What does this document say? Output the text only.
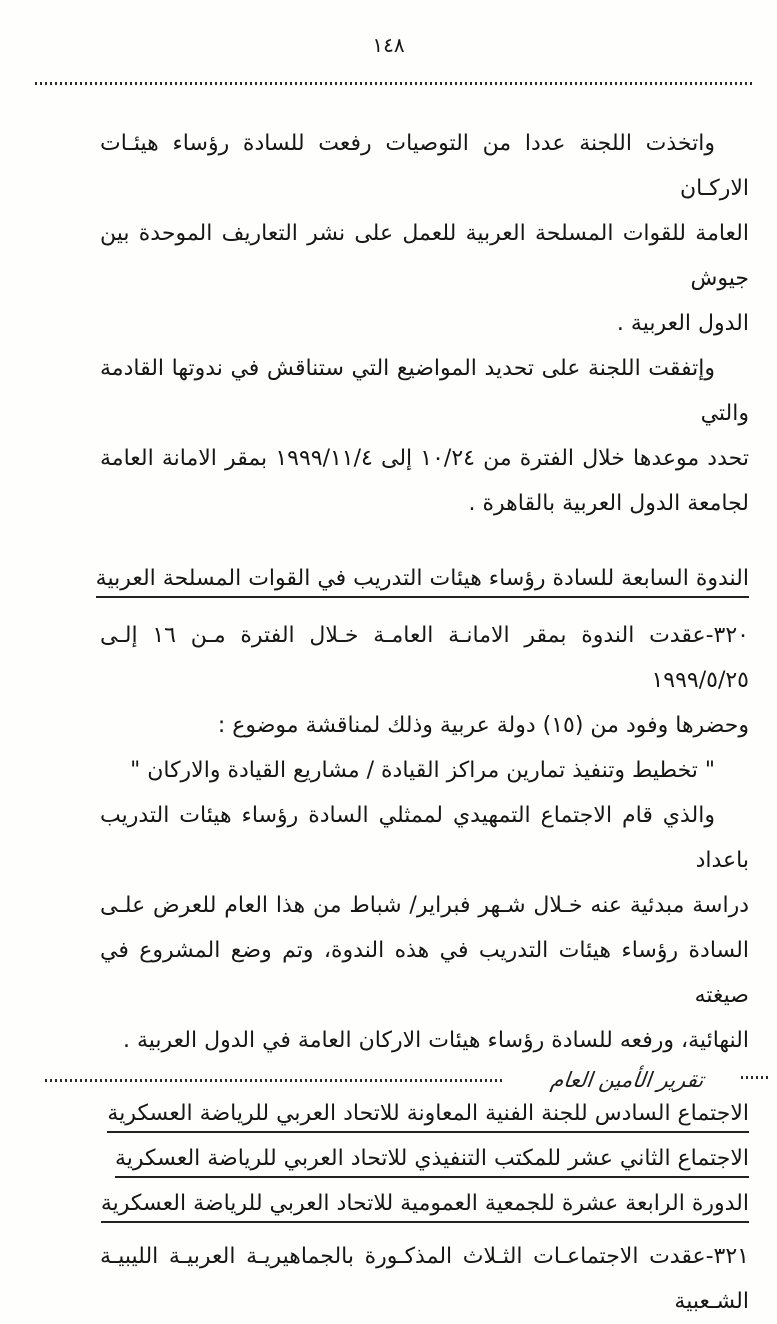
١٤٨
واتخذت اللجنة عددا من التوصيات رفعت للسادة رؤساء هيئـات الاركـان
العامة للقوات المسلحة العربية للعمل على نشر التعاريف الموحدة بين جيوش
الدول العربية .
وإتفقت اللجنة على تحديد المواضيع التي ستناقش في ندوتها القادمة والتي
تحدد موعدها خلال الفترة من ١٠/٢٤ إلى ١٩٩٩/١١/٤ بمقر الامانة العامة
لجامعة الدول العربية بالقاهرة .
الندوة السابعة للسادة رؤساء هيئات التدريب في القوات المسلحة العربية
٣٢٠-عقدت الندوة بمقر الامانـة العامـة خـلال الفترة مـن ١٦ إلـى ١٩٩٩/٥/٢٥
وحضرها وفود من (١٥) دولة عربية وذلك لمناقشة موضوع :
" تخطيط وتنفيذ تمارين مراكز القيادة / مشاريع القيادة والاركان "
والذي قام الاجتماع التمهيدي لممثلي السادة رؤساء هيئات التدريب باعداد
دراسة مبدئية عنه خـلال شـهر فبراير/ شباط من هذا العام للعرض علـى
السادة رؤساء هيئات التدريب في هذه الندوة، وتم وضع المشروع في صيغته
النهائية، ورفعه للسادة رؤساء هيئات الاركان العامة في الدول العربية .
الاجتماع السادس للجنة الفنية المعاونة للاتحاد العربي للرياضة العسكرية
الاجتماع الثاني عشر للمكتب التنفيذي للاتحاد العربي للرياضة العسكرية
الدورة الرابعة عشرة للجمعية العمومية للاتحاد العربي للرياضة العسكرية
٣٢١-عقدت الاجتماعـات الثـلاث المذكـورة بالجماهيريـة العربيـة الليبيـة الشـعبية
تقرير الأمين العام
